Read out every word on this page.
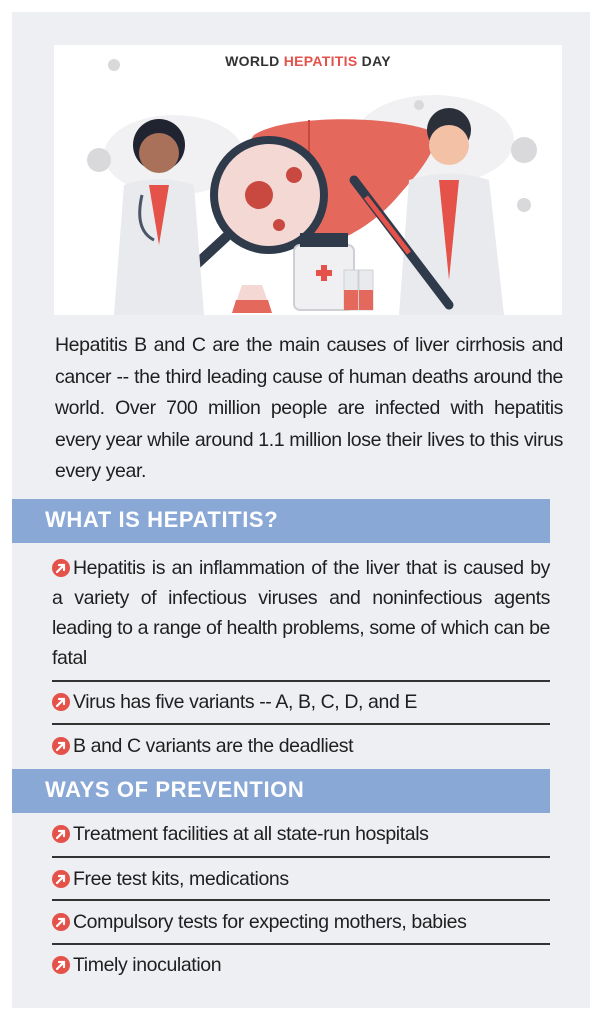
WORLD HEPATITIS DAY
Hepatitis B and C are the main causes of liver cirrhosis and cancer -- the third leading cause of human deaths around the world. Over 700 million people are infected with hepatitis every year while around 1.1 million lose their lives to this virus every year.
WHAT IS HEPATITIS?
Hepatitis is an inflammation of the liver that is caused by a variety of infectious viruses and noninfectious agents leading to a range of health problems, some of which can be fatal
Virus has five variants -- A, B, C, D, and E
B and C variants are the deadliest
WAYS OF PREVENTION
Treatment facilities at all state-run hospitals
Free test kits, medications
Compulsory tests for expecting mothers, babies
Timely inoculation
